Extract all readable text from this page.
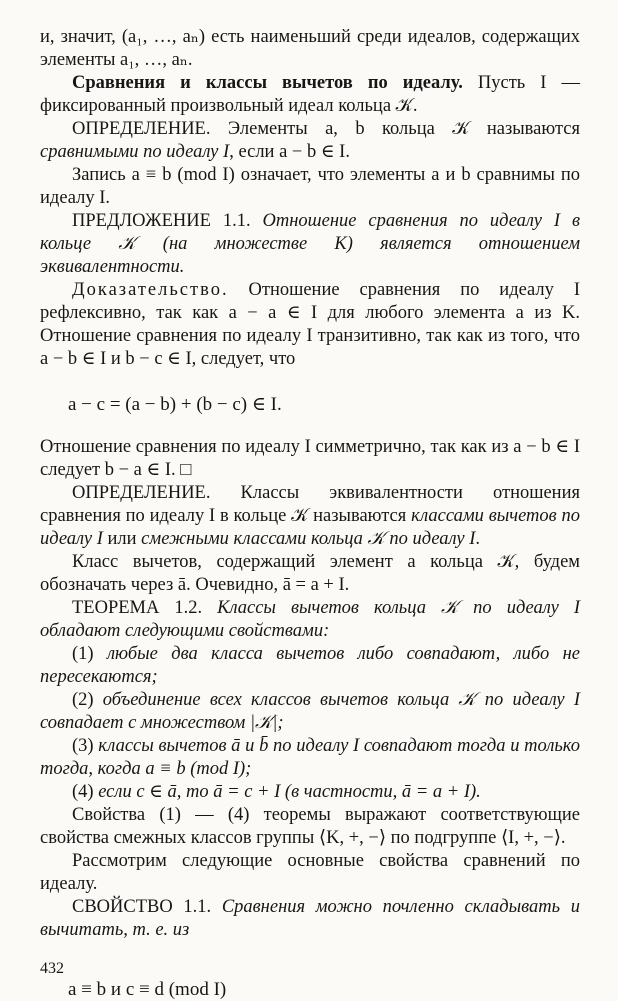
и, значит, (a₁, …, aₙ) есть наименьший среди идеалов, содержащих элементы a₁, …, aₙ.

Сравнения и классы вычетов по идеалу. Пусть I — фиксированный произвольный идеал кольца 𝒦.

ОПРЕДЕЛЕНИЕ. Элементы a, b кольца 𝒦 называются сравнимыми по идеалу I, если a − b ∈ I.

Запись a ≡ b (mod I) означает, что элементы a и b сравнимы по идеалу I.

ПРЕДЛОЖЕНИЕ 1.1. Отношение сравнения по идеалу I в кольце 𝒦 (на множестве K) является отношением эквивалентности.

Доказательство. Отношение сравнения по идеалу I рефлексивно, так как a − a ∈ I для любого элемента a из K. Отношение сравнения по идеалу I транзитивно, так как из того, что a − b ∈ I и b − c ∈ I, следует, что

a − c = (a − b) + (b − c) ∈ I.

Отношение сравнения по идеалу I симметрично, так как из a − b ∈ I следует b − a ∈ I. □

ОПРЕДЕЛЕНИЕ. Классы эквивалентности отношения сравнения по идеалу I в кольце 𝒦 называются классами вычетов по идеалу I или смежными классами кольца 𝒦 по идеалу I.

Класс вычетов, содержащий элемент a кольца 𝒦, будем обозначать через ā. Очевидно, ā = a + I.

ТЕОРЕМА 1.2. Классы вычетов кольца 𝒦 по идеалу I обладают следующими свойствами:

(1) любые два класса вычетов либо совпадают, либо не пересекаются;

(2) объединение всех классов вычетов кольца 𝒦 по идеалу I совпадает с множеством |𝒦|;

(3) классы вычетов ā и b̄ по идеалу I совпадают тогда и только тогда, когда a ≡ b (mod I);

(4) если c ∈ ā, то ā = c + I (в частности, ā = a + I).

Свойства (1) — (4) теоремы выражают соответствующие свойства смежных классов группы ⟨K, +, −⟩ по подгруппе ⟨I, +, −⟩.

Рассмотрим следующие основные свойства сравнений по идеалу.

СВОЙСТВО 1.1. Сравнения можно почленно складывать и вычитать, т. е. из

a ≡ b и c ≡ d (mod I)

432
